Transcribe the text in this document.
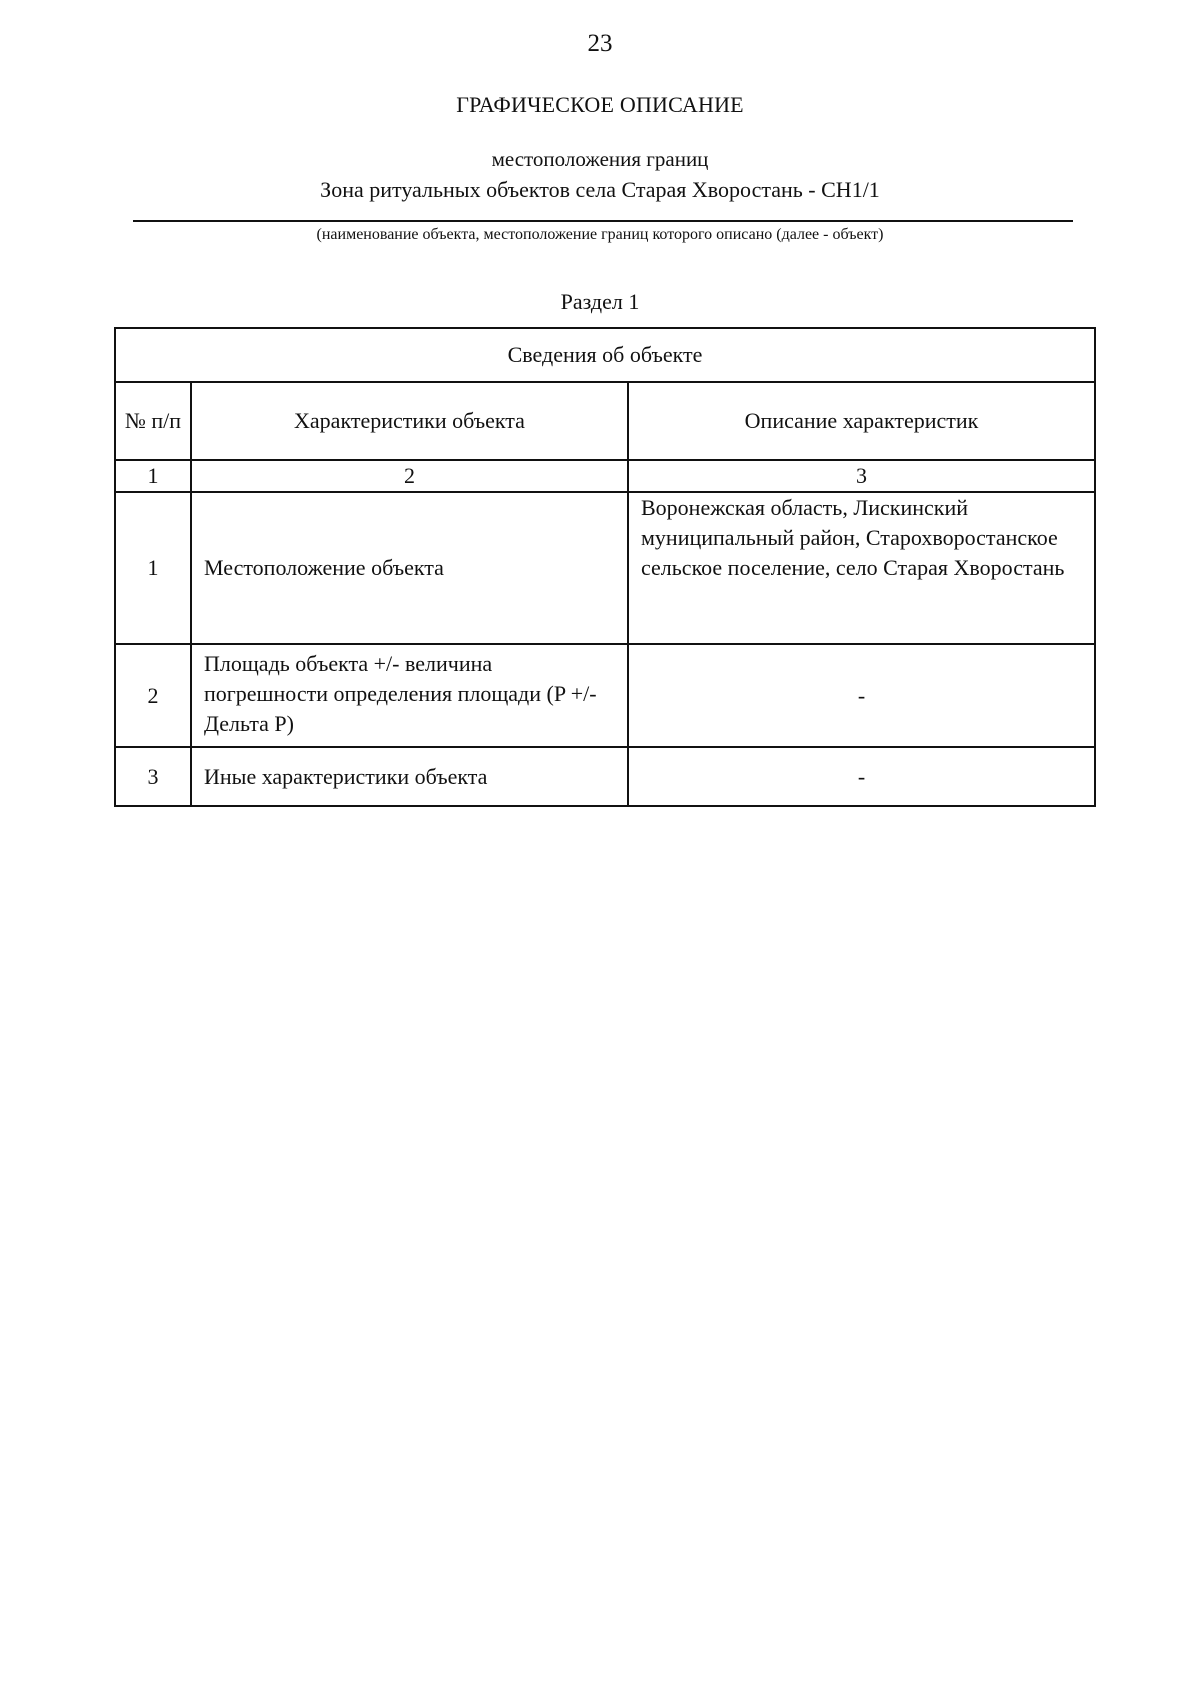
23
ГРАФИЧЕСКОЕ ОПИСАНИЕ
местоположения границ
Зона ритуальных объектов села Старая Хворостань - СН1/1
(наименование объекта, местоположение границ которого описано (далее - объект)
Раздел 1
Сведения об объекте		
№ п/п	Характеристики объекта	Описание характеристик
1	2	3
1	Местоположение объекта	Воронежская область, Лискинский муниципальный район, Старохворостанское сельское поселение, село Старая Хворостань
2	Площадь объекта +/- величина погрешности определения площади (P +/- Дельта P)	-
3	Иные характеристики объекта	-
